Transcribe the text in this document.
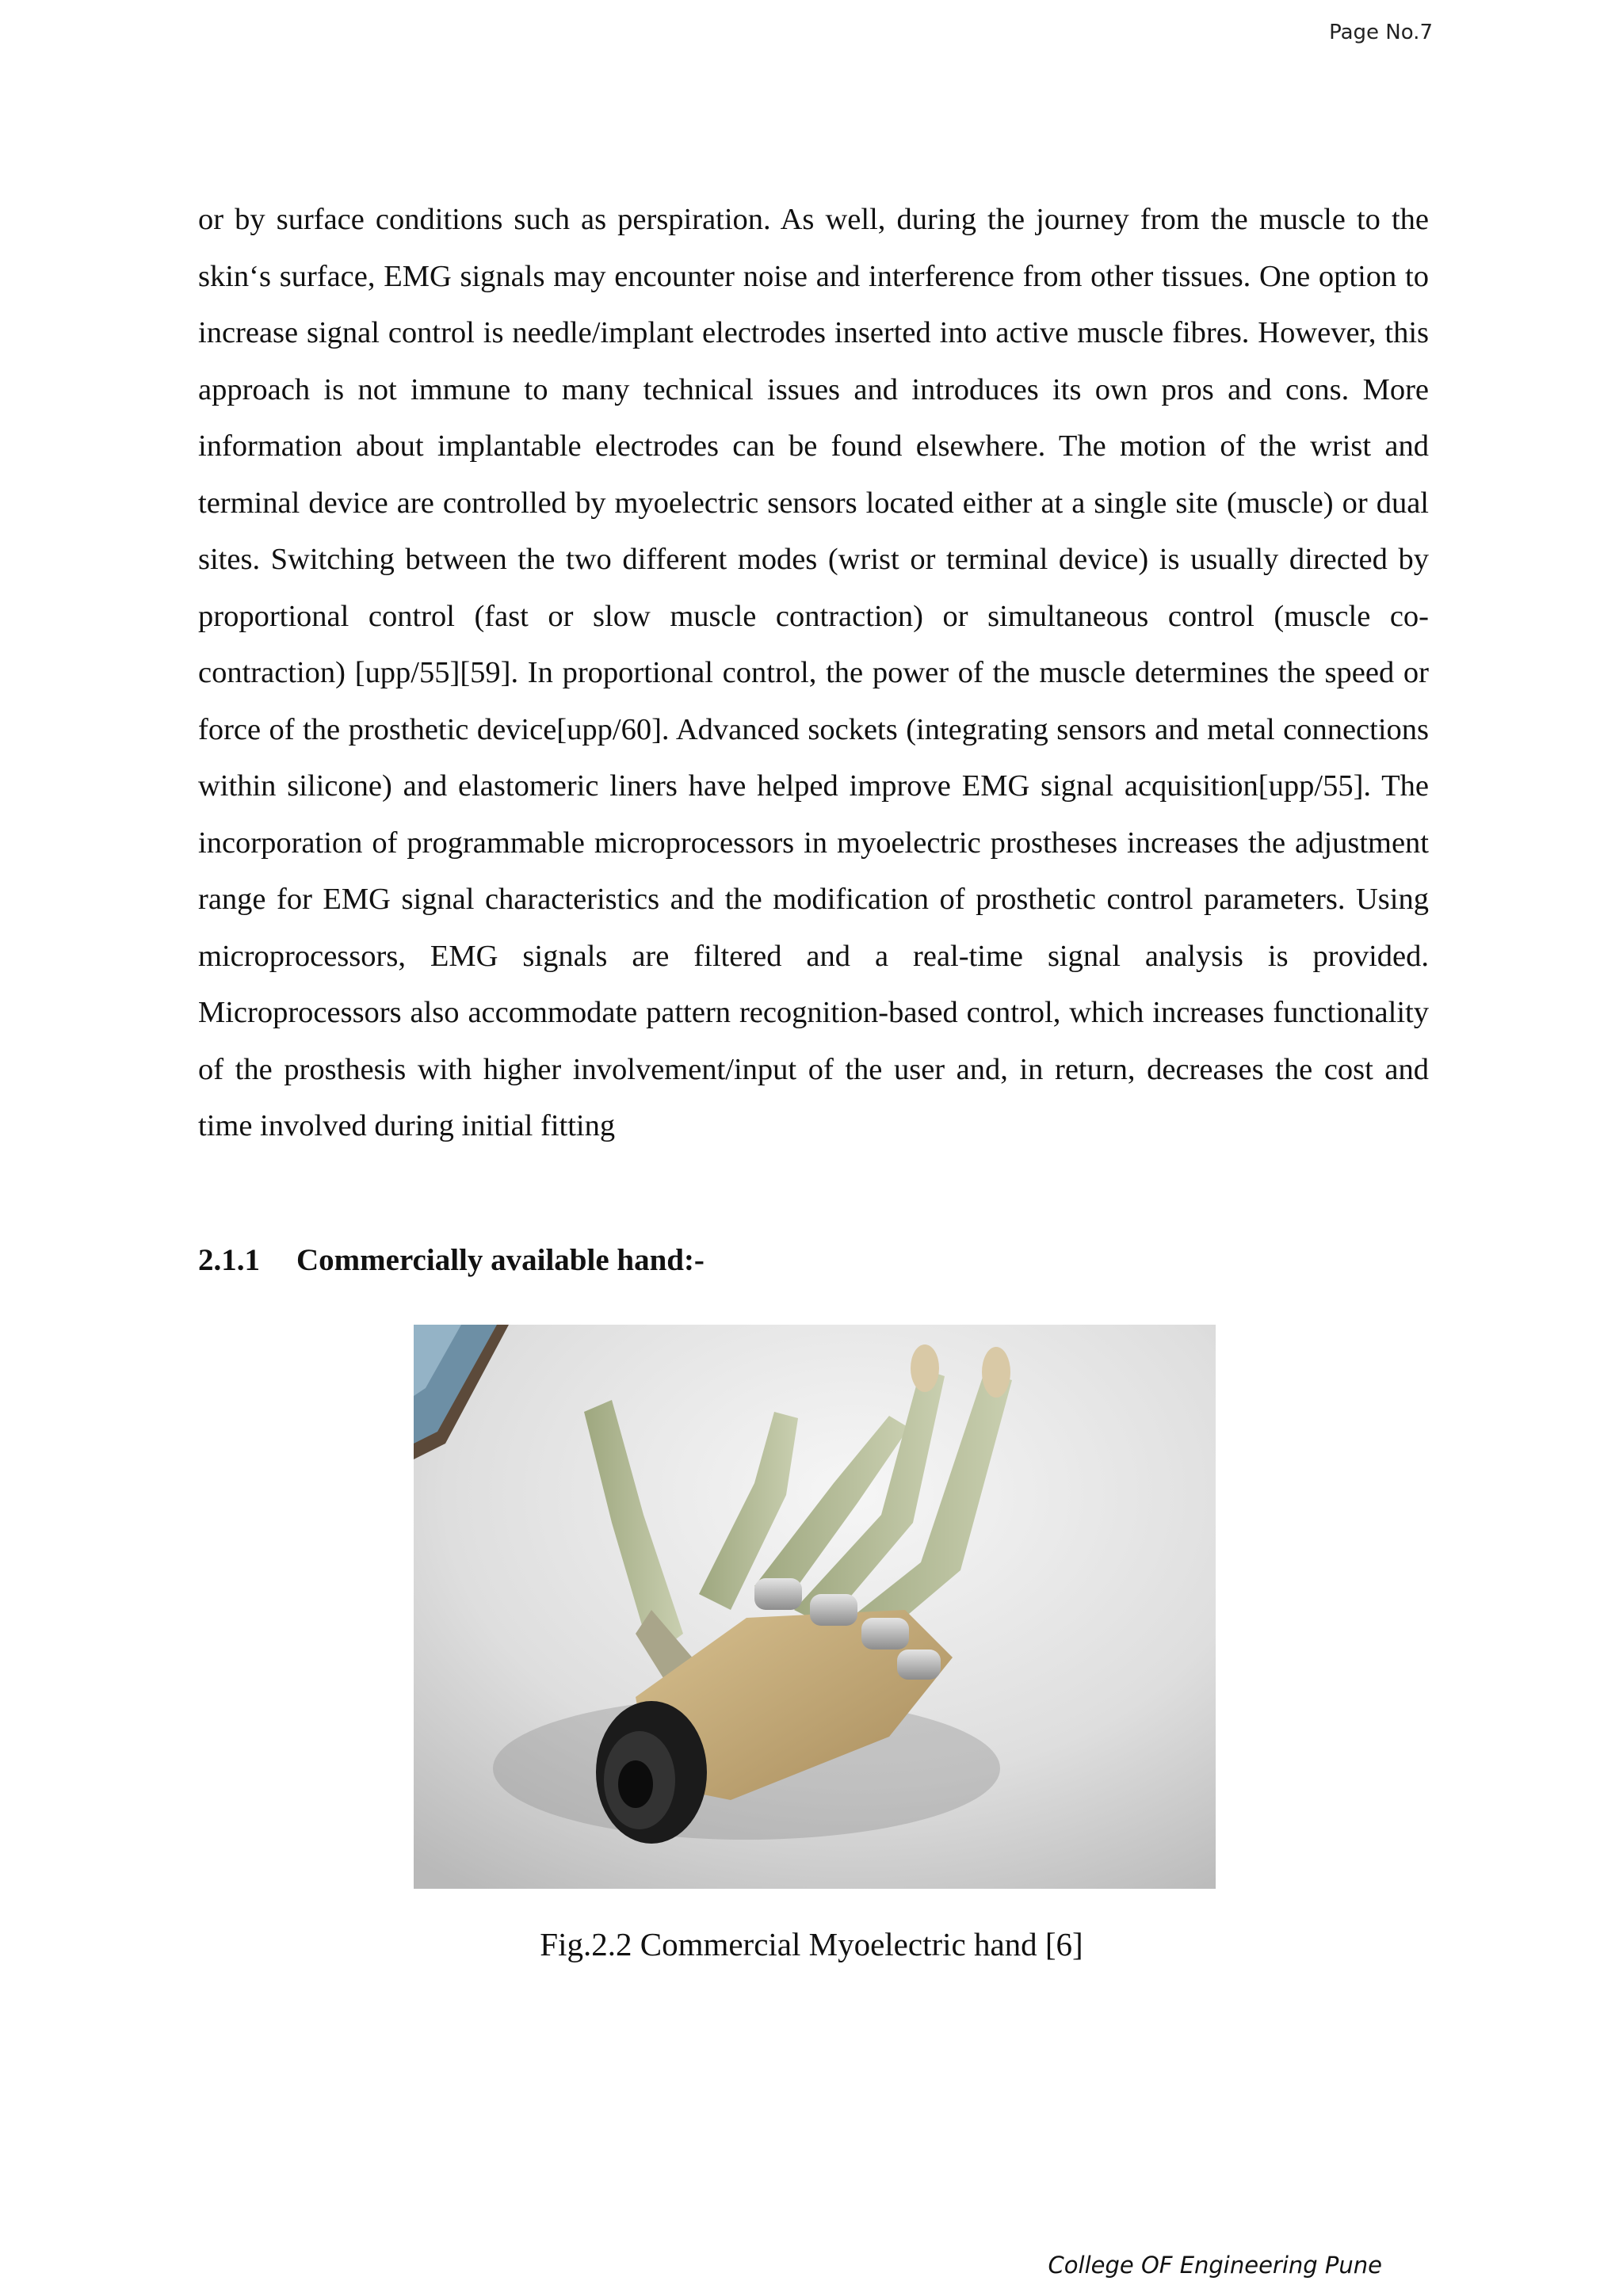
Page No.7

or by surface conditions such as perspiration. As well, during the journey from the muscle to the skin‘s surface, EMG signals may encounter noise and interference from other tissues. One option to increase signal control is needle/implant electrodes inserted into active muscle fibres. However, this approach is not immune to many technical issues and introduces its own pros and cons. More information about implantable electrodes can be found elsewhere. The motion of the wrist and terminal device are controlled by myoelectric sensors located either at a single site (muscle) or dual sites. Switching between the two different modes (wrist or terminal device) is usually directed by proportional control (fast or slow muscle contraction) or simultaneous control (muscle co-contraction) [upp/55][59]. In proportional control, the power of the muscle determines the speed or force of the prosthetic device[upp/60]. Advanced sockets (integrating sensors and metal connections within silicone) and elastomeric liners have helped improve EMG signal acquisition[upp/55]. The incorporation of programmable microprocessors in myoelectric prostheses increases the adjustment range for EMG signal characteristics and the modification of prosthetic control parameters. Using microprocessors, EMG signals are filtered and a real-time signal analysis is provided. Microprocessors also accommodate pattern recognition-based control, which increases functionality of the prosthesis with higher involvement/input of the user and, in return, decreases the cost and time involved during initial fitting

2.1.1 Commercially available hand:-

Fig.2.2 Commercial Myoelectric hand [6]

College OF Engineering Pune
